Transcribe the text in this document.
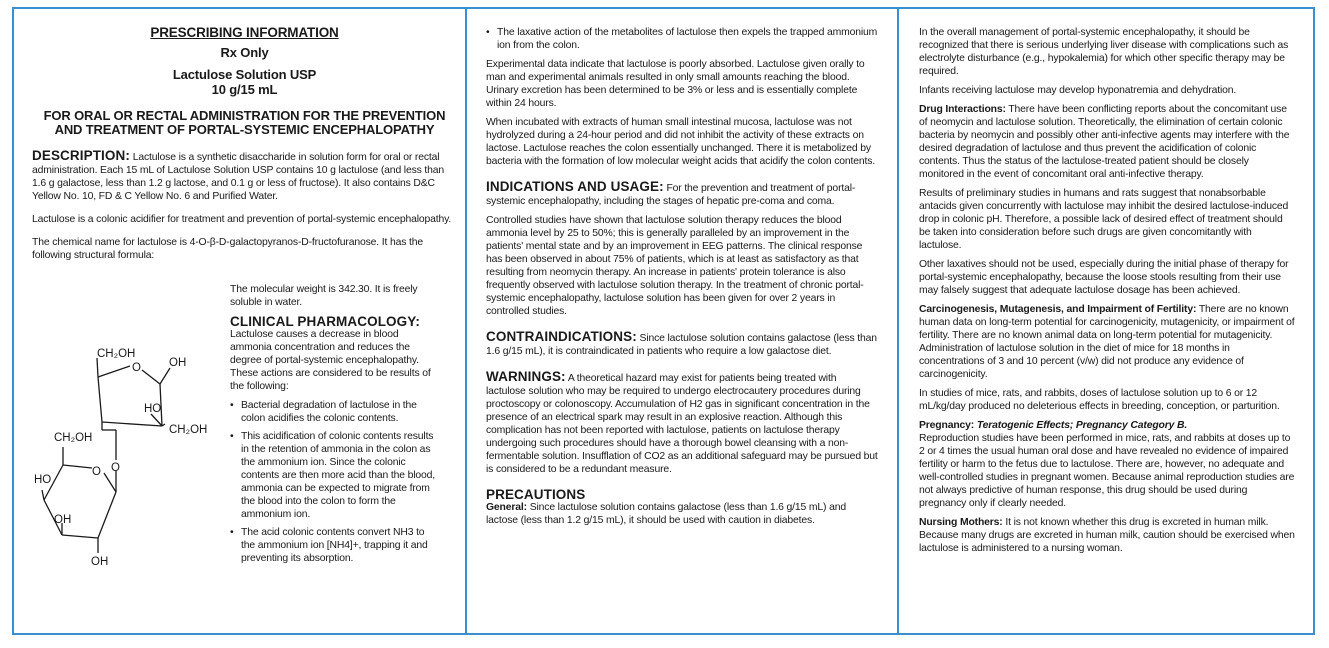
PRESCRIBING INFORMATION
Rx Only
Lactulose Solution USP
10 g/15 mL
FOR ORAL OR RECTAL ADMINISTRATION FOR THE PREVENTION AND TREATMENT OF PORTAL-SYSTEMIC ENCEPHALOPATHY

DESCRIPTION: Lactulose is a synthetic disaccharide in solution form for oral or rectal administration. Each 15 mL of Lactulose Solution USP contains 10 g lactulose (and less than 1.6 g galactose, less than 1.2 g lactose, and 0.1 g or less of fructose). It also contains D&C Yellow No. 10, FD & C Yellow No. 6 and Purified Water.

Lactulose is a colonic acidifier for treatment and prevention of portal-systemic encephalopathy.

The chemical name for lactulose is 4-O-β-D-galactopyranos-D-fructofuranose. It has the following structural formula:

The molecular weight is 342.30. It is freely soluble in water.

CLINICAL PHARMACOLOGY:

Lactulose causes a decrease in blood ammonia concentration and reduces the degree of portal-systemic encephalopathy. These actions are considered to be results of the following:

• Bacterial degradation of lactulose in the colon acidifies the colonic contents.
• This acidification of colonic contents results in the retention of ammonia in the colon as the ammonium ion. Since the colonic contents are then more acid than the blood, ammonia can be expected to migrate from the blood into the colon to form the ammonium ion.
• The acid colonic contents convert NH3 to the ammonium ion [NH4]+, trapping it and preventing its absorption.
CH₂OH
OH
O
HO
CH₂OH
CH₂OH
O
HO
O
OH
OH
• The laxative action of the metabolites of lactulose then expels the trapped ammonium ion from the colon.

Experimental data indicate that lactulose is poorly absorbed. Lactulose given orally to man and experimental animals resulted in only small amounts reaching the blood. Urinary excretion has been determined to be 3% or less and is essentially complete within 24 hours.

When incubated with extracts of human small intestinal mucosa, lactulose was not hydrolyzed during a 24-hour period and did not inhibit the activity of these extracts on lactose. Lactulose reaches the colon essentially unchanged. There it is metabolized by bacteria with the formation of low molecular weight acids that acidify the colon contents.

INDICATIONS AND USAGE: For the prevention and treatment of portal-systemic encephalopathy, including the stages of hepatic pre-coma and coma.

Controlled studies have shown that lactulose solution therapy reduces the blood ammonia level by 25 to 50%; this is generally paralleled by an improvement in the patients' mental state and by an improvement in EEG patterns. The clinical response has been observed in about 75% of patients, which is at least as satisfactory as that resulting from neomycin therapy. An increase in patients' protein tolerance is also frequently observed with lactulose solution therapy. In the treatment of chronic portal-systemic encephalopathy, lactulose solution has been given for over 2 years in controlled studies.

CONTRAINDICATIONS: Since lactulose solution contains galactose (less than 1.6 g/15 mL), it is contraindicated in patients who require a low galactose diet.

WARNINGS: A theoretical hazard may exist for patients being treated with lactulose solution who may be required to undergo electrocautery procedures during proctoscopy or colonoscopy. Accumulation of H2 gas in significant concentration in the presence of an electrical spark may result in an explosive reaction. Although this complication has not been reported with lactulose, patients on lactulose therapy undergoing such procedures should have a thorough bowel cleansing with a non-fermentable solution. Insufflation of CO2 as an additional safeguard may be pursued but is considered to be a redundant measure.

PRECAUTIONS

General: Since lactulose solution contains galactose (less than 1.6 g/15 mL) and lactose (less than 1.2 g/15 mL), it should be used with caution in diabetes.

In the overall management of portal-systemic encephalopathy, it should be recognized that there is serious underlying liver disease with complications such as electrolyte disturbance (e.g., hypokalemia) for which other specific therapy may be required.

Infants receiving lactulose may develop hyponatremia and dehydration.

Drug Interactions: There have been conflicting reports about the concomitant use of neomycin and lactulose solution. Theoretically, the elimination of certain colonic bacteria by neomycin and possibly other anti-infective agents may interfere with the desired degradation of lactulose and thus prevent the acidification of colonic contents. Thus the status of the lactulose-treated patient should be closely monitored in the event of concomitant oral anti-infective therapy.

Results of preliminary studies in humans and rats suggest that nonabsorbable antacids given concurrently with lactulose may inhibit the desired lactulose-induced drop in colonic pH. Therefore, a possible lack of desired effect of treatment should be taken into consideration before such drugs are given concomitantly with lactulose.

Other laxatives should not be used, especially during the initial phase of therapy for portal-systemic encephalopathy, because the loose stools resulting from their use may falsely suggest that adequate lactulose dosage has been achieved.

Carcinogenesis, Mutagenesis, and Impairment of Fertility: There are no known human data on long-term potential for carcinogenicity, mutagenicity, or impairment of fertility. There are no known animal data on long-term potential for mutagenicity. Administration of lactulose solution in the diet of mice for 18 months in concentrations of 3 and 10 percent (v/w) did not produce any evidence of carcinogenicity.

In studies of mice, rats, and rabbits, doses of lactulose solution up to 6 or 12 mL/kg/day produced no deleterious effects in breeding, conception, or parturition.

Pregnancy: Teratogenic Effects; Pregnancy Category B.
Reproduction studies have been performed in mice, rats, and rabbits at doses up to 2 or 4 times the usual human oral dose and have revealed no evidence of impaired fertility or harm to the fetus due to lactulose. There are, however, no adequate and well-controlled studies in pregnant women. Because animal reproduction studies are not always predictive of human response, this drug should be used during pregnancy only if clearly needed.

Nursing Mothers: It is not known whether this drug is excreted in human milk. Because many drugs are excreted in human milk, caution should be exercised when lactulose is administered to a nursing woman.
